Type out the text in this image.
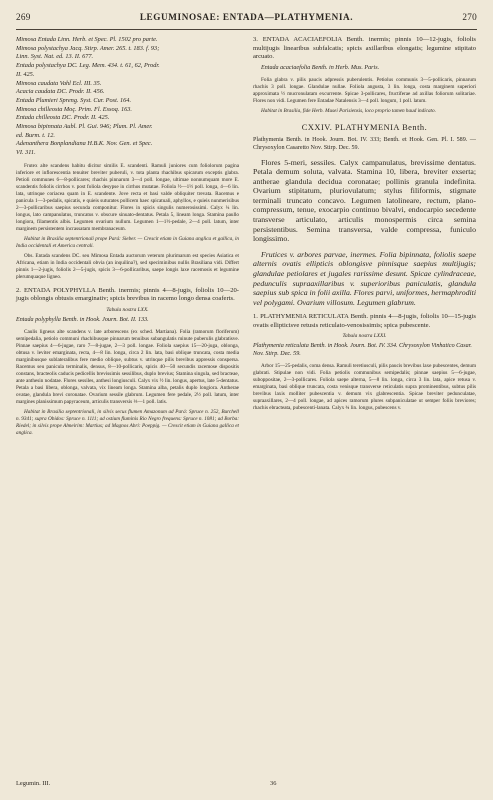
269	LEGUMINOSAE: ENTADA—PLATHYMENIA.	270

Mimosa Entada Linn. Herb. et Spec. Pl. 1502 pro parte.

Mimosa polystachya Jacq. Stirp. Amer. 265. t. 183. f. 93;

Linn. Syst. Nat. ed. 13. II. 677.

Entada polystachya DC. Leg. Mem. 434. t. 61, 62, Prodr.

II. 425.

Mimosa caudata Vahl Ecl. III. 35.

Acacia caudata DC. Prodr. II. 456.

Entada Plumieri Spreng. Syst. Cur. Post. 164.

Mimosa chilleosta Moç. Prim. Fl. Essoq. 163.

Entada chilleosta DC. Prodr. II. 425.

Mimosa bipinnata Aubl. Pl. Gui. 946; Plum. Pl. Amer.

ed. Burm. t. 12.

Adenanthera Bonplandiana H.B.K. Nov. Gen. et Spec.

VI. 311.

Frutex alte scandens habitu dicitur similis E. scandenti. Ramuli juniores cum foliolorum pagina inferiore et inflorescentia tenuiter breviter puberuli, v. tota planta rhachibus spicarum exceptis glabra. Petioli communes 6—8-pollicares; rhachis pinnarum 3—4 poll. longae, ultimae nonnumquam more E. scandentis foliolis cirrhos v. post foliola desypse in cirrhos mutatae. Foliola ½—1½ poll. longa, 4—6 lin. lata, utrinque coriacea quam in E. scandente. Jove recta et basi valde obliquiter trevata. Racemus e panicula 1—3-pedalis, spicatis, e quieis suturates pollicem haec spicatuali, aphyllos, e quieis nunmerisibus 2—3-pollicaribus saepius secunda componitur. Flores in spicis singulis numerosissimi. Calyx ¼ lin. longus, lato campanulatus, truncatus v. obscure sinuato-dentatus. Petala 5, lineam longa. Stamina paullo longiora, filamentis albis. Legumen ovarium nullum. Legumen 1—1½-pedale, 2—4 poll. latum, inter marginem persistentem incrassatam membranaceum.

Habitat in Brasilia septentrionali prope Pará: Sieber. — Crescit etiam in Guiana anglica et gallica, in India occidentali et America centrali.

Obs. Entada scandens DC. seu Mimosa Entada auctorum veterum plurimarum est species Asiatica et Africana, etiam in India occidentali obvia (an inquilina?), sed speciminibus nullis Brasiliana vidi. Differt pinnis 1—2-jugis, foliolis 2—5-jugis, spicis 3—6-pollicaribus, saepe longis laxe racemosis et leguminе plerumquaque ligneo.

2. ENTADA POLYPHYLLA Benth. inermis; pinnis 4—8-jugis, foliolis 10—20-jugis oblongis obtusis emarginativ; spicis brevibus in racemo longo densa coaferts.

Tabula nostra LXX.

Entada polyphylla Benth. in Hook. Journ. Bot. II. 133.

Caulis ligneus alte scandens v. late arborescens (ex sched. Martiana). Folia (ramorum floriferum) semipedalia, petiolo communi rhachibusque pinnarum tenuibus subangulatis minute puberulis glabratisve. Pinnae saepius 4—6-jugae, raro 7—8-jugae, 2—3 poll. longae. Foliola saepius 15—20-juga, oblonga, obtusa v. leviter emarginata, recta, 4—8 lin. longa, circa 2 lin. lata, basi oblique truncata, costa media marginibusque sublateralibus fere medio oblique, subtus v. utrinque pilis brevibus appressis conspersa. Racemus seu panicula terminalis, densus, 8—10-pollicaris, spicis 40—50 secundis racemose dispositis constans, bracteolis caducis pedicellis brevissimis sessilibus, duplo brevius; Stamina singula, sed bracteae, ante anthesin nodatae. Flores sessiles, anthesi longiusculi. Calyx vix ½ lin. longus, apertus, late 5-dentatus. Petala a basi libera, oblonga, valvata, vix lineam longa. Stamina alba, petalis duplo longiora. Antherae ovatae, glandula brevi coronatae. Ovarium sessile glabrum. Legumen fere pedale, 2½ poll. latum, inter margines planissimum papyraceum, articulis transversis ⅓—1 poll. latis.

Habitat in Brasilia septentrionali, in silvis secus flumen Amazonum ad Pará: Spruce n. 252, Burchell n. 9341; supra Obidos: Spruce n. 1111; ad ostium fluminis Rio Negro frequens: Spruce n. 1081; ad Borba: Riedel; in silvis prope Almeirim: Martius; ad Magnos Abri: Poeppig. — Crescit etiam in Guiana gallica et anglica.

3. ENTADA ACACIAEFOLIA Benth. inermis; pinnis 10—12-jugis, foliolis multijugis linearibus subfalcatis; spicis axillaribus elongatis; legumine stipitato arcuato.

Entada acaciaefolia Benth. in Herb. Mus. Paris.

Folia glabra v. pilis paucis adpressis puberulentis. Petiolus communis 3—5-pollicaris, pinnarum rhachis 3 poll. longae. Glandulae nullae. Foliola angusta, 3 lin. longa, costa marginem superiori approximata ½ mucronulatam excurrente. Spicae 3-pollicares, fructiferae ad axillas foliorum solitariae. Flores non vidi. Legumen fere Entadae Natalensis 3—4 poll. longum, 1 poll. latum.

Habitat in Brasilia, fide Herb. Musei Parisiensis, loco proprio tamen haud indicato.

CXXIV. PLATHYMENIA Benth.

Plathymenia Benth. in Hook. Journ. Bot. IV. 333; Benth. et Hook. Gen. Pl. I. 589. — Chrysoxylon Casaretto Nov. Stirp. Dec. 59.

Flores 5-meri, sessiles. Calyx campanulatus, brevissime dentatus. Petala demum soluta, valvata. Stamina 10, libera, breviter exserta; antherae glandula decidua coronatae; pollinis granula indefinita. Ovarium stipitatum, pluriovulatum; stylus filiformis, stigmate terminali truncato concavo. Legumen latolineare, rectum, plano-compressum, tenue, exocarpio continuo bivalvi, endocarpio secedente transverse articulato, articulis monospermis circa semina persistentibus. Semina transversa, valde compressa, funiculo longissimo.

Frutices v. arbores parvae, inermes. Folia bipinnata, foliolis saepe alternis ovatis ellipticis oblongisve pinnisque saepius multijugis; glandulae petiolares et jugales rarissime desunt. Spicae cylindraceae, pedunculis supraaxillaribus v. superioribus paniculatis, glandula saepius sub spica in folii axilla. Flores parvi, uniformes, hermaphroditi vel polygami. Ovarium villosum. Legumen glabrum.

1. PLATHYMENIA RETICULATA Benth. pinnis 4—8-jugis, foliolis 10—15-jugis ovatis ellipticisve retusis reticulato-venosissimis; spica pubescente.

Tabula nostra LXXI.

Plathymenia reticulata Benth. in Hook. Journ. Bot. IV. 334. Chrysoxylon Vinhatico Casar. Nov. Stirp. Dec. 59.

Arbor 15—25-pedalis, coma densa. Ramuli teretiusculi, pilis paucis brevibus laxe pubescentes, demum glabrati. Stipulae non vidi. Folia petiolis communibus semipedalis; pinnae saepius 5—6-jugae, suboppositae, 2—3-pollicares. Foliola saepe alterna, 5—8 lin. longa, circa 3 lin. lata, apice retusa v. emarginata, basi oblique truncata, costa venisque transverse reticulatis supra prominentibus, subtus pilis brevibus laxis molliter pubescentia v. demum vix glabrescentia. Spicae breviter pedunculatae, supraaxillares, 2—4 poll. longae, ad apices ramorum plures subpaniculatae ut semper foliis breviores; rhachis ebracteata, pubescenti-lanata. Calyx ¾ lin. longus, pubescens v.

Legumin. III.	36
